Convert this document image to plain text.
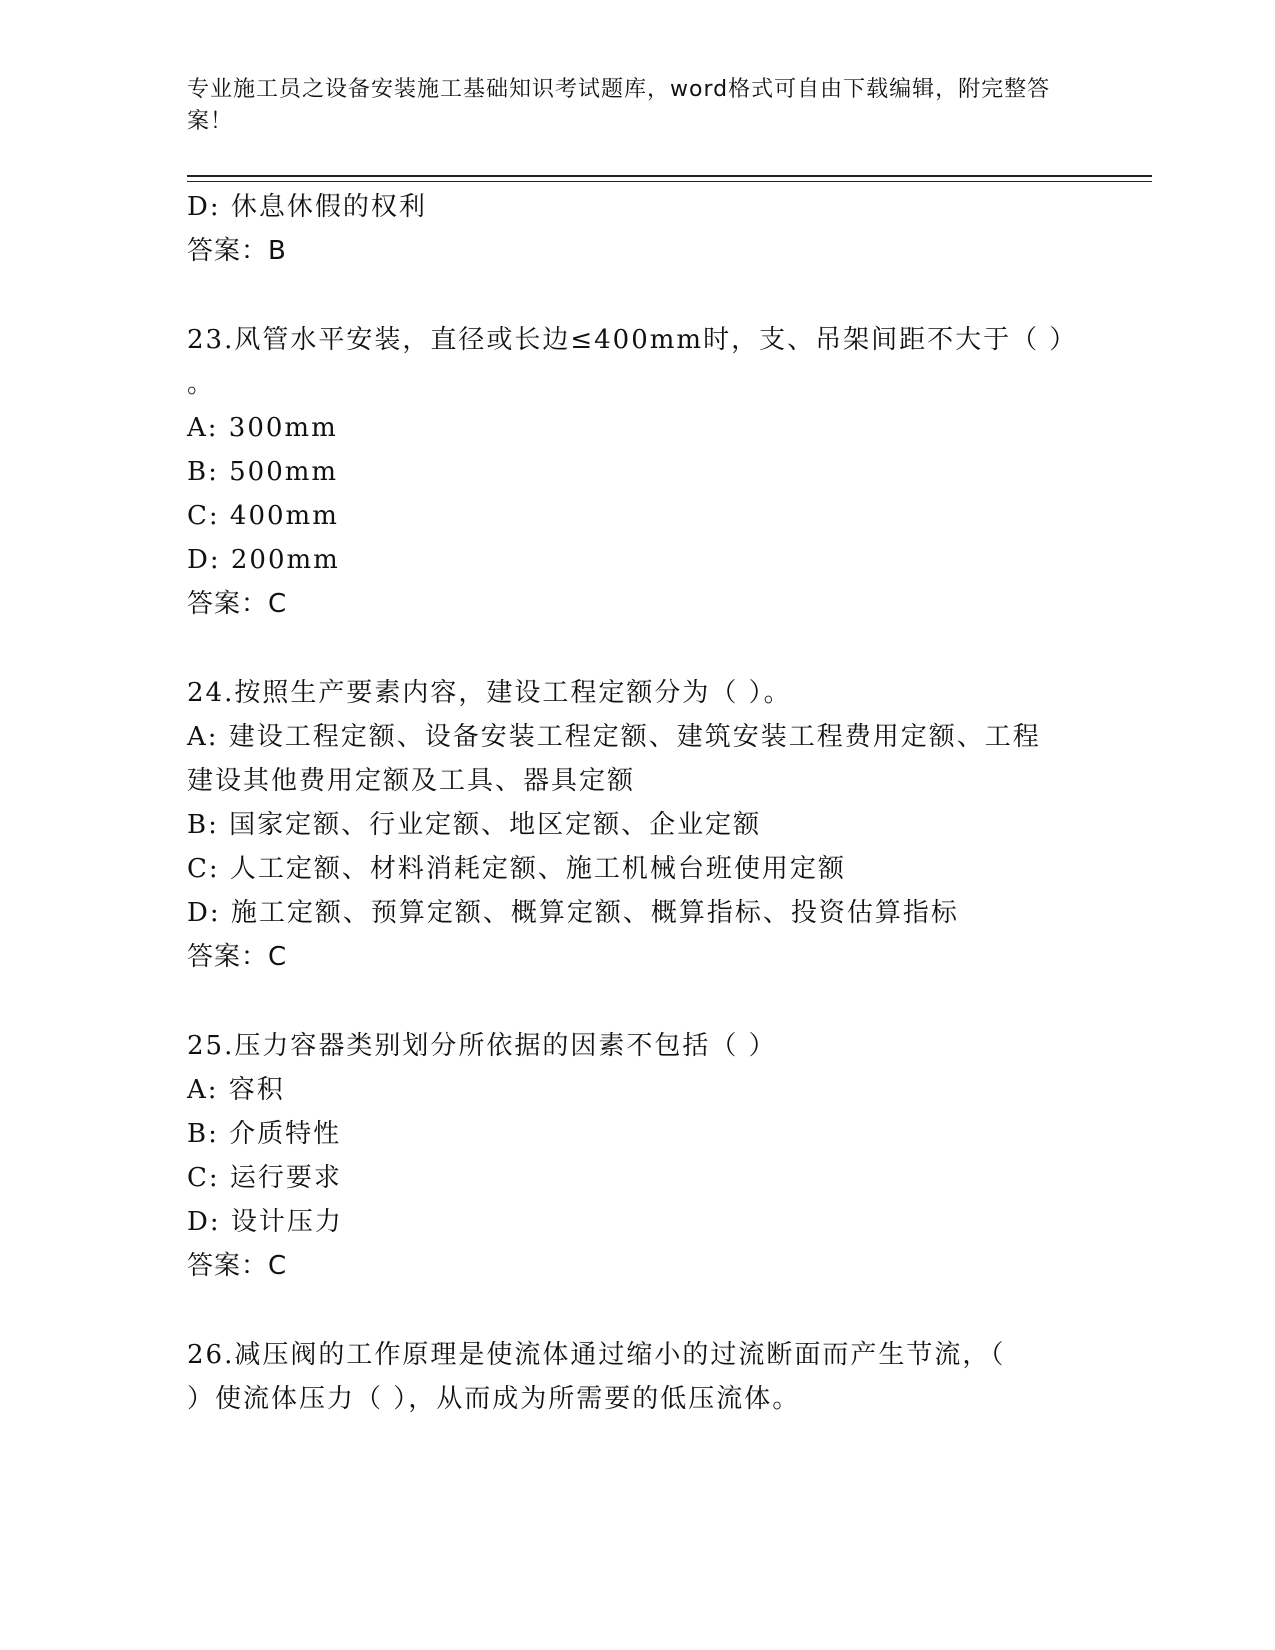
专业施工员之设备安装施工基础知识考试题库，word格式可自由下载编辑，附完整答案！
D: 休息休假的权利
答案：B
23.风管水平安装，直径或长边≤400mm时，支、吊架间距不大于（ ）
。
A: 300mm
B: 500mm
C: 400mm
D: 200mm
答案：C
24.按照生产要素内容，建设工程定额分为（ ）。
A: 建设工程定额、设备安装工程定额、建筑安装工程费用定额、工程
建设其他费用定额及工具、器具定额
B: 国家定额、行业定额、地区定额、企业定额
C: 人工定额、材料消耗定额、施工机械台班使用定额
D: 施工定额、预算定额、概算定额、概算指标、投资估算指标
答案：C
25.压力容器类别划分所依据的因素不包括（ ）
A: 容积
B: 介质特性
C: 运行要求
D: 设计压力
答案：C
26.减压阀的工作原理是使流体通过缩小的过流断面而产生节流，（
）使流体压力（ ），从而成为所需要的低压流体。
